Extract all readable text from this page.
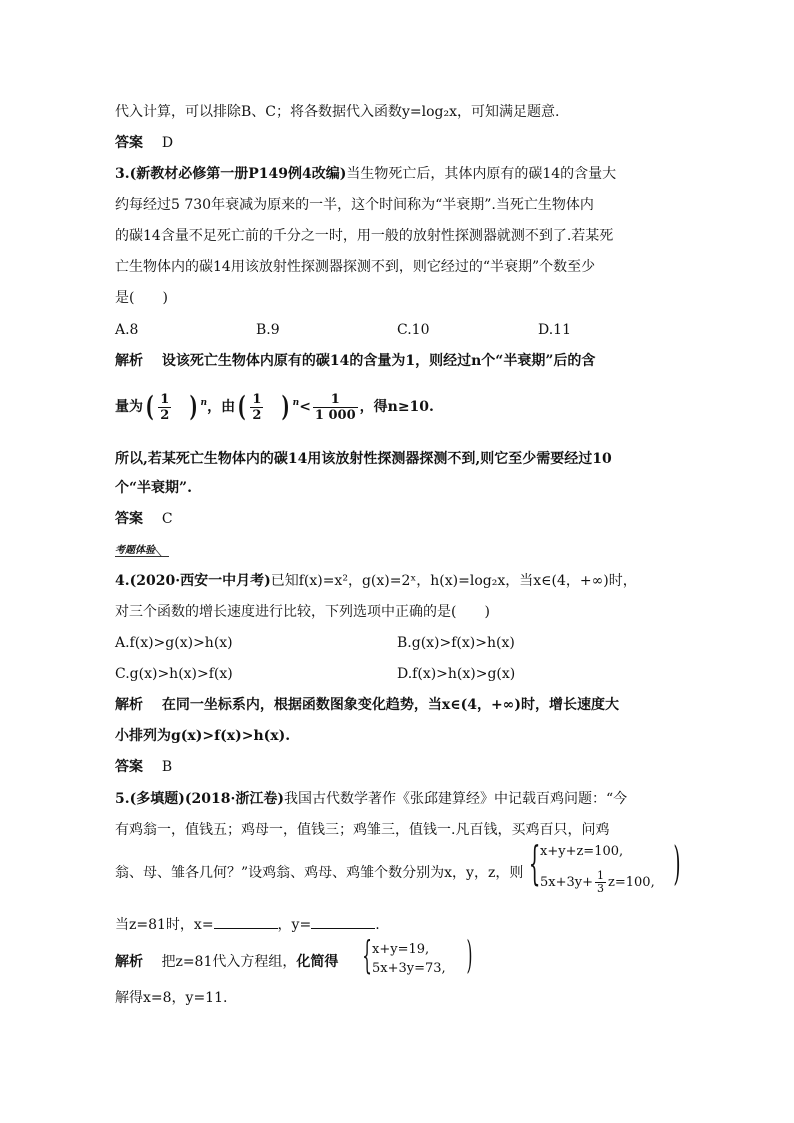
代入计算，可以排除B、C；将各数据代入函数y=log₂x，可知满足题意.
答案 D
3.(新教材必修第一册P149例4改编)当生物死亡后，其体内原有的碳14的含量大
约每经过5 730年衰减为原来的一半，这个时间称为“半衰期”.当死亡生物体内
的碳14含量不足死亡前的千分之一时，用一般的放射性探测器就测不到了.若某死
亡生物体内的碳14用该放射性探测器探测不到，则它经过的“半衰期”个数至少
是(　　)
A.8	B.9	C.10	D.11
解析 设该死亡生物体内原有的碳14的含量为1，则经过n个“半衰期”后的含
量为( $\frac{1}{2}$ ) $^n$，由( $\frac{1}{2}$ ) $^n< \frac{1}{1 000}$ ，得n≥10.
所以,若某死亡生物体内的碳14用该放射性探测器探测不到,则它至少需要经过10
个“半衰期”.
答案 C
考题体验
4.(2020·西安一中月考)已知f(x)=x²，g(x)=2ˣ，h(x)=log₂x，当x∈(4，+∞)时，
对三个函数的增长速度进行比较，下列选项中正确的是(　　)
A.f(x)>g(x)>h(x)	B.g(x)>f(x)>h(x)
C.g(x)>h(x)>f(x)	D.f(x)>h(x)>g(x)
解析 在同一坐标系内，根据函数图象变化趋势，当x∈(4，+∞)时，增长速度大
小排列为g(x)>f(x)>h(x).
答案 B
5.(多填题)(2018·浙江卷)我国古代数学著作《张邱建算经》中记载百鸡问题：“今
有鸡翁一，值钱五；鸡母一，值钱三；鸡雏三，值钱一.凡百钱，买鸡百只，问鸡
翁、母、雏各几何？”设鸡翁、鸡母、鸡雏个数分别为x，y，z，则 { x+y+z=100,
$5x+3y+ \frac{1}{3} z=100$, )
当z=81时，x=	，y=	.
解析 把z=81代入方程组，化简得 { x+y=19,
5x+3y=73, )
解得x=8，y=11.
